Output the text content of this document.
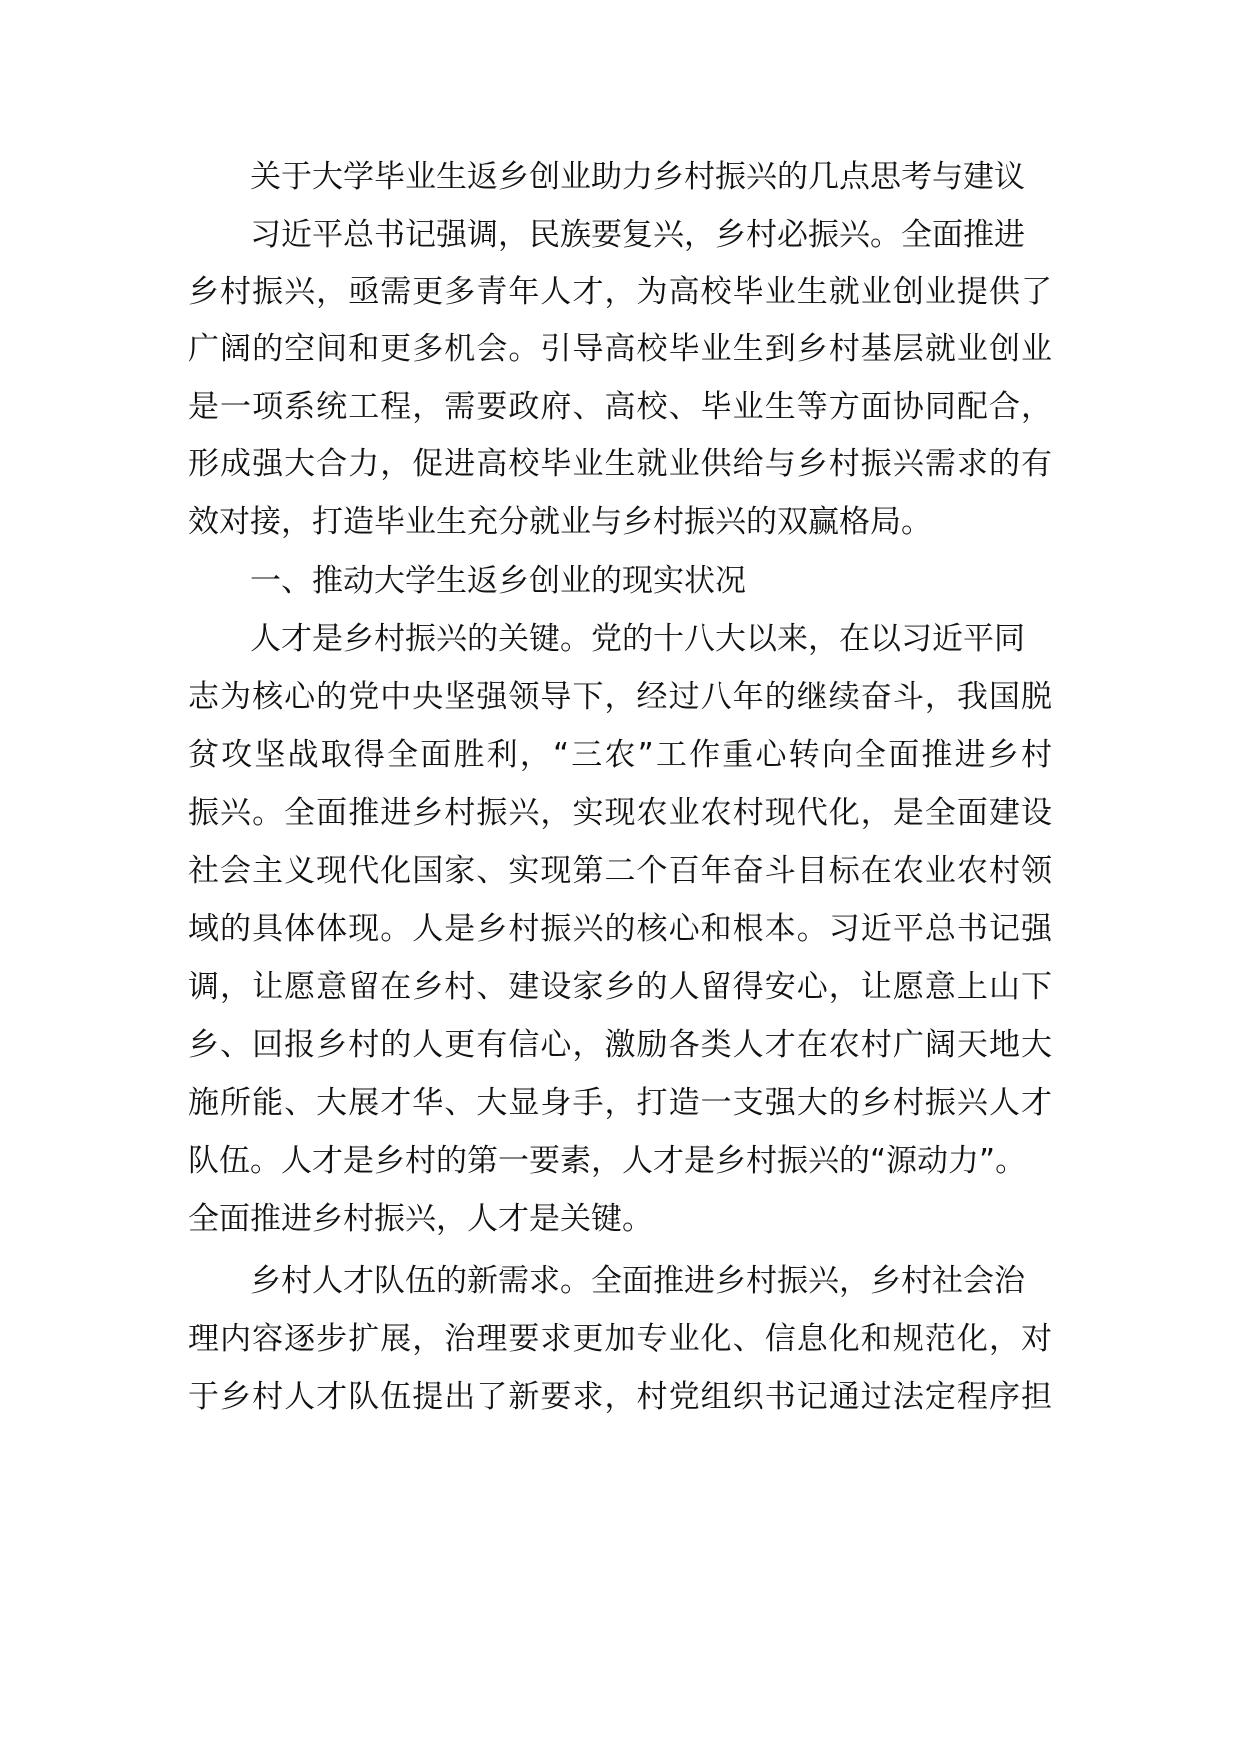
关于大学毕业生返乡创业助力乡村振兴的几点思考与建议

习近平总书记强调，民族要复兴，乡村必振兴。全面推进

乡村振兴，亟需更多青年人才，为高校毕业生就业创业提供了

广阔的空间和更多机会。引导高校毕业生到乡村基层就业创业

是一项系统工程，需要政府、高校、毕业生等方面协同配合，

形成强大合力，促进高校毕业生就业供给与乡村振兴需求的有

效对接，打造毕业生充分就业与乡村振兴的双赢格局。

一、推动大学生返乡创业的现实状况

人才是乡村振兴的关键。党的十八大以来，在以习近平同

志为核心的党中央坚强领导下，经过八年的继续奋斗，我国脱

贫攻坚战取得全面胜利，“三农”工作重心转向全面推进乡村

振兴。全面推进乡村振兴，实现农业农村现代化，是全面建设

社会主义现代化国家、实现第二个百年奋斗目标在农业农村领

域的具体体现。人是乡村振兴的核心和根本。习近平总书记强

调，让愿意留在乡村、建设家乡的人留得安心，让愿意上山下

乡、回报乡村的人更有信心，激励各类人才在农村广阔天地大

施所能、大展才华、大显身手，打造一支强大的乡村振兴人才

队伍。人才是乡村的第一要素，人才是乡村振兴的“源动力”。

全面推进乡村振兴，人才是关键。

乡村人才队伍的新需求。全面推进乡村振兴，乡村社会治

理内容逐步扩展，治理要求更加专业化、信息化和规范化，对

于乡村人才队伍提出了新要求，村党组织书记通过法定程序担
